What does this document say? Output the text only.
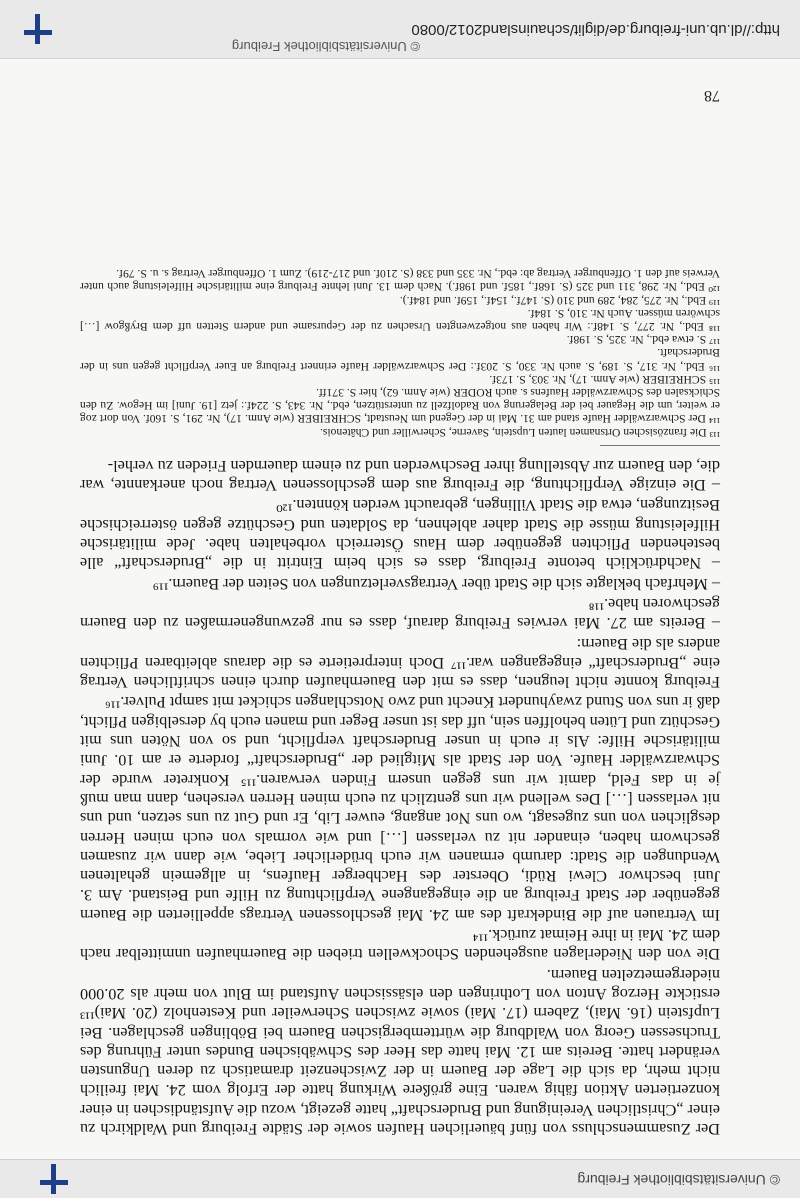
© Universitätsbibliothek Freiburg

Der Zusammenschluss von fünf bäuerlichen Haufen sowie der Städte Freiburg und Waldkirch zu einer „Christlichen Vereinigung und Bruderschaft“ hatte gezeigt, wozu die Aufständischen in einer konzertierten Aktion fähig waren. Eine größere Wirkung hatte der Erfolg vom 24. Mai freilich nicht mehr, da sich die Lage der Bauern in der Zwischenzeit dramatisch zu deren Ungunsten verändert hatte. Bereits am 12. Mai hatte das Heer des Schwäbischen Bundes unter Führung des Truchsessen Georg von Waldburg die württembergischen Bauern bei Böblingen geschlagen. Bei Lupfstein (16. Mai), Zabern (17. Mai) sowie zwischen Scherweiler und Kestenholz (20. Mai)¹¹³ erstickte Herzog Anton von Lothringen den elsässischen Aufstand im Blut von mehr als 20.000 niedergemetzelten Bauern.

Die von den Niederlagen ausgehenden Schockwellen trieben die Bauernhaufen unmittelbar nach dem 24. Mai in ihre Heimat zurück.¹¹⁴

Im Vertrauen auf die Bindekraft des am 24. Mai geschlossenen Vertrags appellierten die Bauern gegenüber der Stadt Freiburg an die eingegangene Verpflichtung zu Hilfe und Beistand. Am 3. Juni beschwor Clewi Rüdi, Oberster des Hachberger Haufens, in allgemein gehaltenen Wendungen die Stadt: darumb ermanen wir euch brüderlicher Liebe, wie dann wir zusamen geschworn haben, einander nit zu verlassen […] und wie vormals von euch minen Herren desglichen von uns zugesagt, wo uns Not angang, euwer Lib, Er und Gut zu uns setzen, und uns nit verlassen […] Des wellend wir uns gentzlich zu euch minen Herren versehen, dann man muß je in das Feld, damit wir uns gegen unsern Finden verwaren.¹¹⁵ Konkreter wurde der Schwarzwälder Haufe. Von der Stadt als Mitglied der „Bruderschaft“ forderte er am 10. Juni militärische Hilfe: Als ir euch in unser Bruderschaft verpflicht, und so von Nöten uns mit Geschütz und Lüten beholffen sein, uff das ist unser Beger und manen euch by derselbigen Pflicht, daß ir uns von Stund zwayhundert Knecht und zwo Notschlangen schicket mit sampt Pulver.¹¹⁶

Freiburg konnte nicht leugnen, dass es mit den Bauernhaufen durch einen schriftlichen Vertrag eine „Bruderschaft“ eingegangen war.¹¹⁷ Doch interpretierte es die daraus ableitbaren Pflichten anders als die Bauern:

– Bereits am 27. Mai verwies Freiburg darauf, dass es nur gezwungenermaßen zu den Bauern geschworen habe.¹¹⁸

– Mehrfach beklagte sich die Stadt über Vertragsverletzungen von Seiten der Bauern.¹¹⁹

– Nachdrücklich betonte Freiburg, dass es sich beim Eintritt in die „Bruderschaft“ alle bestehenden Pflichten gegenüber dem Haus Österreich vorbehalten habe. Jede militärische Hilfeleistung müsse die Stadt daher ablehnen, da Soldaten und Geschütze gegen österreichische Besitzungen, etwa die Stadt Villingen, gebraucht werden könnten.¹²⁰

– Die einzige Verpflichtung, die Freiburg aus dem geschlossenen Vertrag noch anerkannte, war die, den Bauern zur Abstellung ihrer Beschwerden und zu einem dauernden Frieden zu verhel-

¹¹³ Die französischen Ortsnamen lauten Lupstein, Saverne, Scherwiller und Châtenois.

¹¹⁴ Der Schwarzwälder Haufe stand am 31. Mai in der Gegend um Neustadt, SCHREIBER (wie Anm. 17), Nr. 291, S. 160f. Von dort zog er weiter, um die Hegauer bei der Belagerung von Radolfzell zu unterstützen, ebd., Nr. 343, S. 224f.: jetz [19. Juni] im Hegow. Zu den Schicksalen des Schwarzwälder Haufens s. auch RODER (wie Anm. 62), hier S. 371ff.

¹¹⁵ SCHREIBER (wie Anm. 17), Nr. 303, S. 173f.

¹¹⁶ Ebd., Nr. 317, S. 189, S. auch Nr. 330, S. 203f.: Der Schwarzwälder Haufe erinnert Freiburg an Euer Verpflicht gegen uns in der Bruderschaft.

¹¹⁷ S. etwa ebd., Nr. 325, S. 198f.

¹¹⁸ Ebd., Nr. 277, S. 148f.: Wir haben aus notgezwengten Ursachen zu der Gepursame und andern Stetten uff dem Bryßgow […] schwören müssen. Auch Nr. 310, S. 184f.

¹¹⁹ Ebd., Nr. 275, 284, 289 und 310 (S. 147f., 154f., 159f. und 184f.).

¹²⁰ Ebd., Nr. 298, 311 und 325 (S. 168f., 185f. und 198f.). Nach dem 13. Juni lehnte Freiburg eine militärische Hilfeleistung auch unter Verweis auf den 1. Offenburger Vertrag ab: ebd., Nr. 335 und 338 (S. 210f. und 217-219). Zum 1. Offenburger Vertrag s. u. S. 79f.

78
© Universitätsbibliothek Freiburg
http://dl.ub.uni-freiburg.de/diglit/schauinsland2012/0080
